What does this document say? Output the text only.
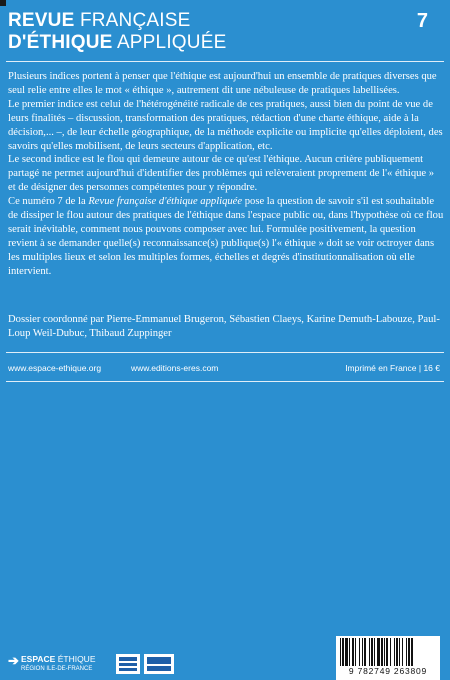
REVUE FRANÇAISE
D'ÉTHIQUE APPLIQUÉE
7

Plusieurs indices portent à penser que l'éthique est aujourd'hui un ensemble de pratiques diverses que seul relie entre elles le mot « éthique », autrement dit une nébuleuse de pratiques labellisées.

Le premier indice est celui de l'hétérogénéité radicale de ces pratiques, aussi bien du point de vue de leurs finalités – discussion, transformation des pratiques, rédaction d'une charte éthique, aide à la décision,... –, de leur échelle géographique, de la méthode explicite ou implicite qu'elles déploient, des savoirs qu'elles mobilisent, de leurs secteurs d'application, etc.

Le second indice est le flou qui demeure autour de ce qu'est l'éthique. Aucun critère publiquement partagé ne permet aujourd'hui d'identifier des problèmes qui relèveraient proprement de l'« éthique » et de désigner des personnes compétentes pour y répondre.

Ce numéro 7 de la Revue française d'éthique appliquée pose la question de savoir s'il est souhaitable de dissiper le flou autour des pratiques de l'éthique dans l'espace public ou, dans l'hypothèse où ce flou serait inévitable, comment nous pouvons composer avec lui. Formulée positivement, la question revient à se demander quelle(s) reconnaissance(s) publique(s) l'« éthique » doit se voir octroyer dans les multiples lieux et selon les multiples formes, échelles et degrés d'institutionnalisation où elle intervient.

Dossier coordonné par Pierre-Emmanuel Brugeron, Sébastien Claeys, Karine Demuth-Labouze, Paul-Loup Weil-Dubuc, Thibaud Zuppinger

www.espace-ethique.org	www.editions-eres.com	Imprimé en France | 16 €
➔ ESPACE ÉTHIQUE
RÉGION ILE-DE-FRANCE	9 782749 263809
